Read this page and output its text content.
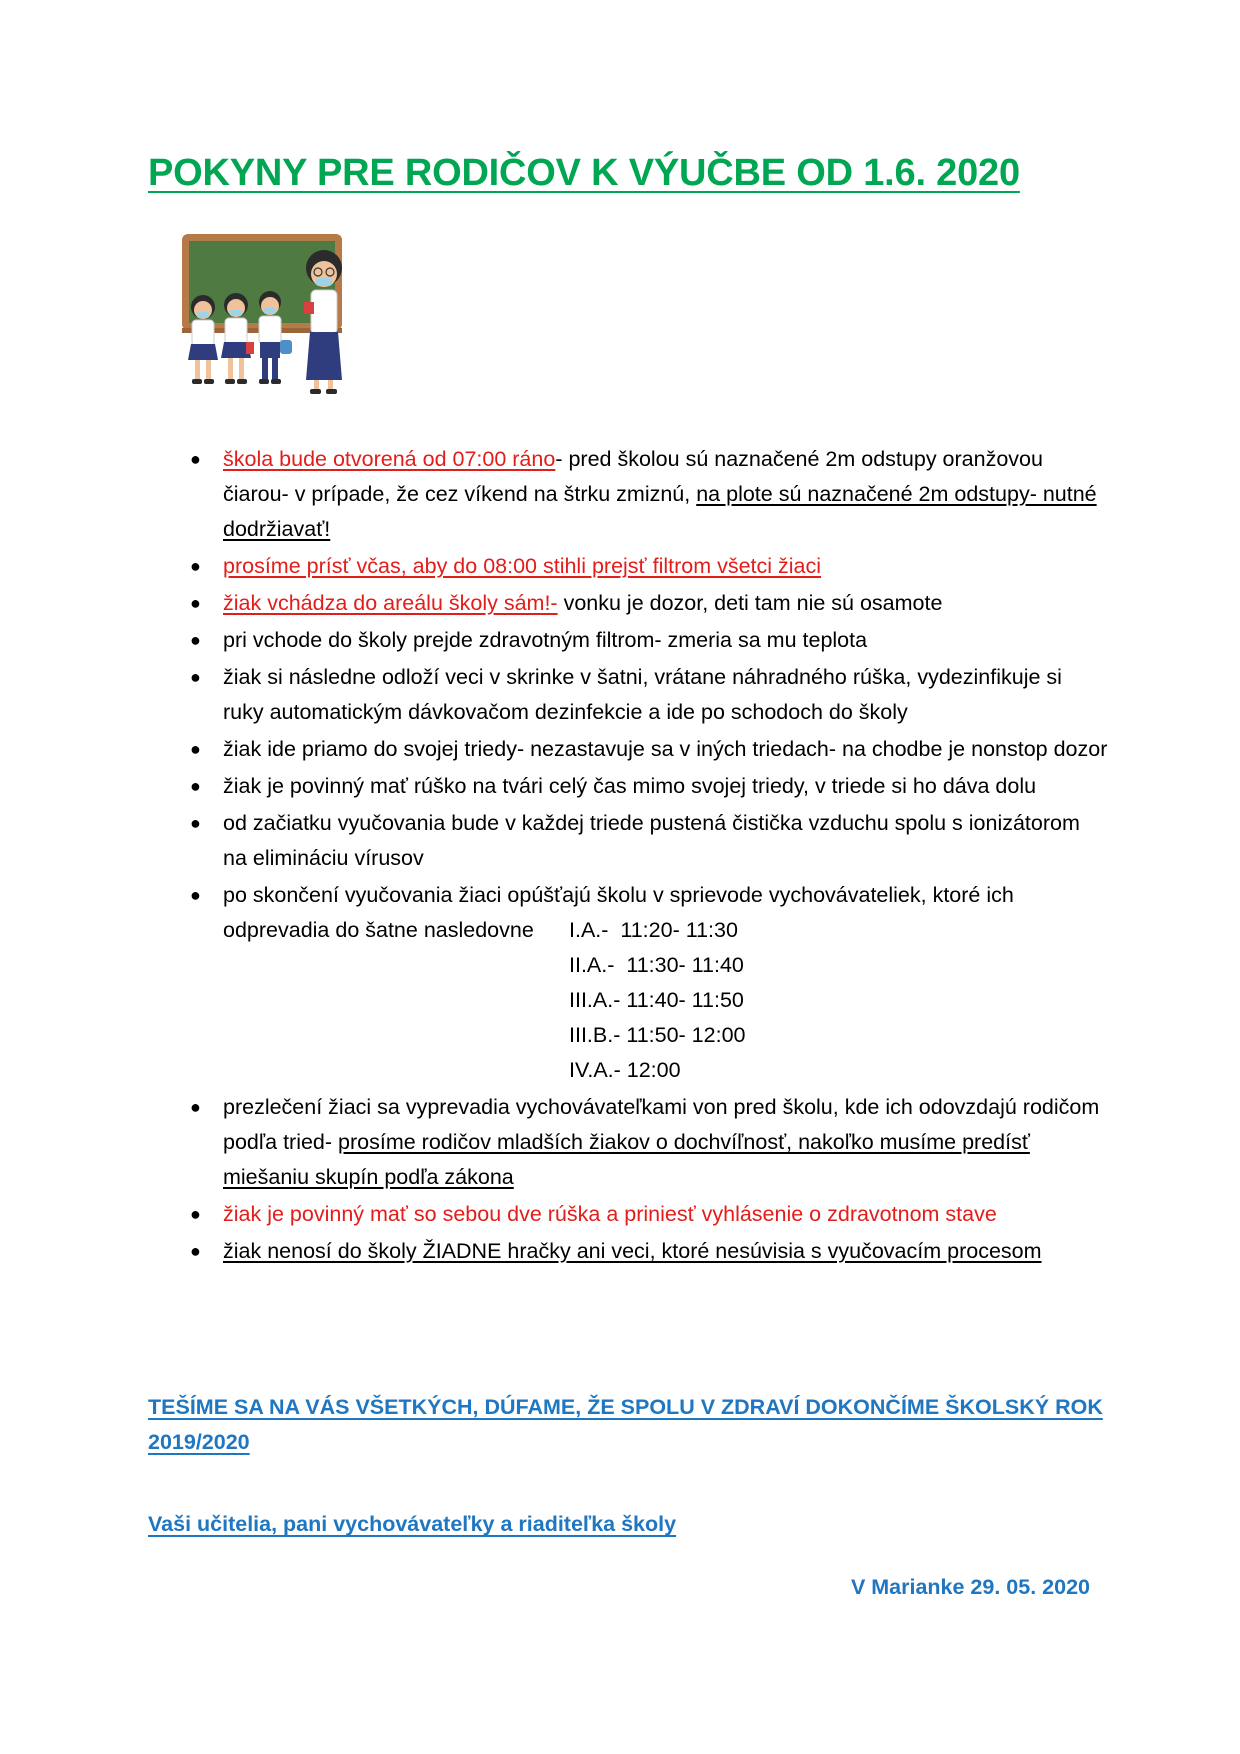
POKYNY PRE RODIČOV K VÝUČBE OD 1.6. 2020
● škola bude otvorená od 07:00 ráno- pred školou sú naznačené 2m odstupy oranžovou čiarou- v prípade, že cez víkend na štrku zmiznú, na plote sú naznačené 2m odstupy- nutné dodržiavať!
● prosíme prísť včas, aby do 08:00 stihli prejsť filtrom všetci žiaci
● žiak vchádza do areálu školy sám!- vonku je dozor, deti tam nie sú osamote
● pri vchode do školy prejde zdravotným filtrom- zmeria sa mu teplota
● žiak si následne odloží veci v skrinke v šatni, vrátane náhradného rúška, vydezinfikuje si ruky automatickým dávkovačom dezinfekcie a ide po schodoch do školy
● žiak ide priamo do svojej triedy- nezastavuje sa v iných triedach- na chodbe je nonstop dozor
● žiak je povinný mať rúško na tvári celý čas mimo svojej triedy, v triede si ho dáva dolu
● od začiatku vyučovania bude v každej triede pustená čistička vzduchu spolu s ionizátorom na elimináciu vírusov
● po skončení vyučovania žiaci opúšťajú školu v sprievode vychovávateliek, ktoré ich
odprevadia do šatne nasledovne I.A.-  11:20- 11:30
II.A.-  11:30- 11:40
III.A.- 11:40- 11:50
III.B.- 11:50- 12:00
IV.A.- 12:00
● prezlečení žiaci sa vyprevadia vychovávateľkami von pred školu, kde ich odovzdajú rodičom podľa tried- prosíme rodičov mladších žiakov o dochvíľnosť, nakoľko musíme predísť miešaniu skupín podľa zákona
● žiak je povinný mať so sebou dve rúška a priniesť vyhlásenie o zdravotnom stave
● žiak nenosí do školy ŽIADNE hračky ani veci, ktoré nesúvisia s vyučovacím procesom

TEŠÍME SA NA VÁS VŠETKÝCH, DÚFAME, ŽE SPOLU V ZDRAVÍ DOKONČÍME ŠKOLSKÝ ROK 2019/2020

Vaši učitelia, pani vychovávateľky a riaditeľka školy

V Marianke 29. 05. 2020
